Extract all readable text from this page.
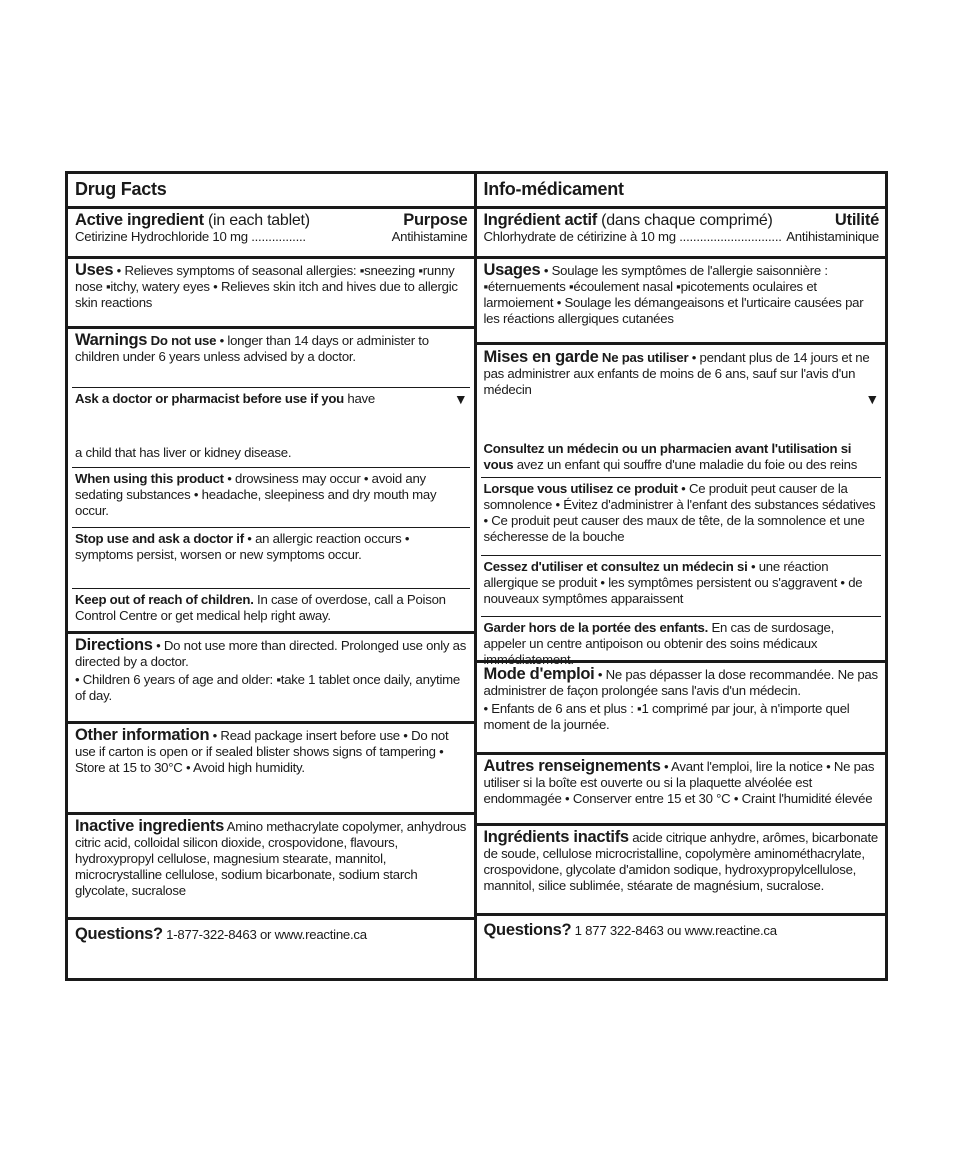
Drug Facts
Active ingredient (in each tablet)	Purpose
Cetirizine Hydrochloride 10 mg ................	Antihistamine
Uses • Relieves symptoms of seasonal allergies: ▪sneezing ▪runny nose ▪itchy, watery eyes • Relieves skin itch and hives due to allergic skin reactions
Warnings Do not use • longer than 14 days or administer to children under 6 years unless advised by a doctor.
Ask a doctor or pharmacist before use if you have	▼
a child that has liver or kidney disease.
When using this product • drowsiness may occur • avoid any sedating substances • headache, sleepiness and dry mouth may occur.
Stop use and ask a doctor if • an allergic reaction occurs • symptoms persist, worsen or new symptoms occur.
Keep out of reach of children. In case of overdose, call a Poison Control Centre or get medical help right away.
Directions • Do not use more than directed. Prolonged use only as directed by a doctor.
• Children 6 years of age and older: ▪take 1 tablet once daily, anytime of day.
Other information • Read package insert before use • Do not use if carton is open or if sealed blister shows signs of tampering • Store at 15 to 30°C • Avoid high humidity.
Inactive ingredients Amino methacrylate copolymer, anhydrous citric acid, colloidal silicon dioxide, crospovidone, flavours, hydroxypropyl cellulose, magnesium stearate, mannitol, microcrystalline cellulose, sodium bicarbonate, sodium starch glycolate, sucralose
Questions? 1-877-322-8463 or www.reactine.ca
Info-médicament
Ingrédient actif (dans chaque comprimé)	Utilité
Chlorhydrate de cétirizine à 10 mg .............................. Antihistaminique
Usages • Soulage les symptômes de l'allergie saisonnière : ▪éternuements ▪écoulement nasal ▪picotements oculaires et larmoiement • Soulage les démangeaisons et l'urticaire causées par les réactions allergiques cutanées
Mises en garde Ne pas utiliser • pendant plus de 14 jours et ne pas administrer aux enfants de moins de 6 ans, sauf sur l'avis d'un médecin
▼
Consultez un médecin ou un pharmacien avant l'utilisation si vous avez un enfant qui souffre d'une maladie du foie ou des reins
Lorsque vous utilisez ce produit • Ce produit peut causer de la somnolence • Évitez d'administrer à l'enfant des substances sédatives • Ce produit peut causer des maux de tête, de la somnolence et une sécheresse de la bouche
Cessez d'utiliser et consultez un médecin si • une réaction allergique se produit • les symptômes persistent ou s'aggravent • de nouveaux symptômes apparaissent
Garder hors de la portée des enfants. En cas de surdosage, appeler un centre antipoison ou obtenir des soins médicaux immédiatement.
Mode d'emploi • Ne pas dépasser la dose recommandée. Ne pas administrer de façon prolongée sans l'avis d'un médecin.
• Enfants de 6 ans et plus : ▪1 comprimé par jour, à n'importe quel moment de la journée.
Autres renseignements • Avant l'emploi, lire la notice • Ne pas utiliser si la boîte est ouverte ou si la plaquette alvéolée est endommagée • Conserver entre 15 et 30 °C • Craint l'humidité élevée
Ingrédients inactifs acide citrique anhydre, arômes, bicarbonate de soude, cellulose microcristalline, copolymère aminométhacrylate, crospovidone, glycolate d'amidon sodique, hydroxypropylcellulose, mannitol, silice sublimée, stéarate de magnésium, sucralose.
Questions? 1 877 322-8463 ou www.reactine.ca
